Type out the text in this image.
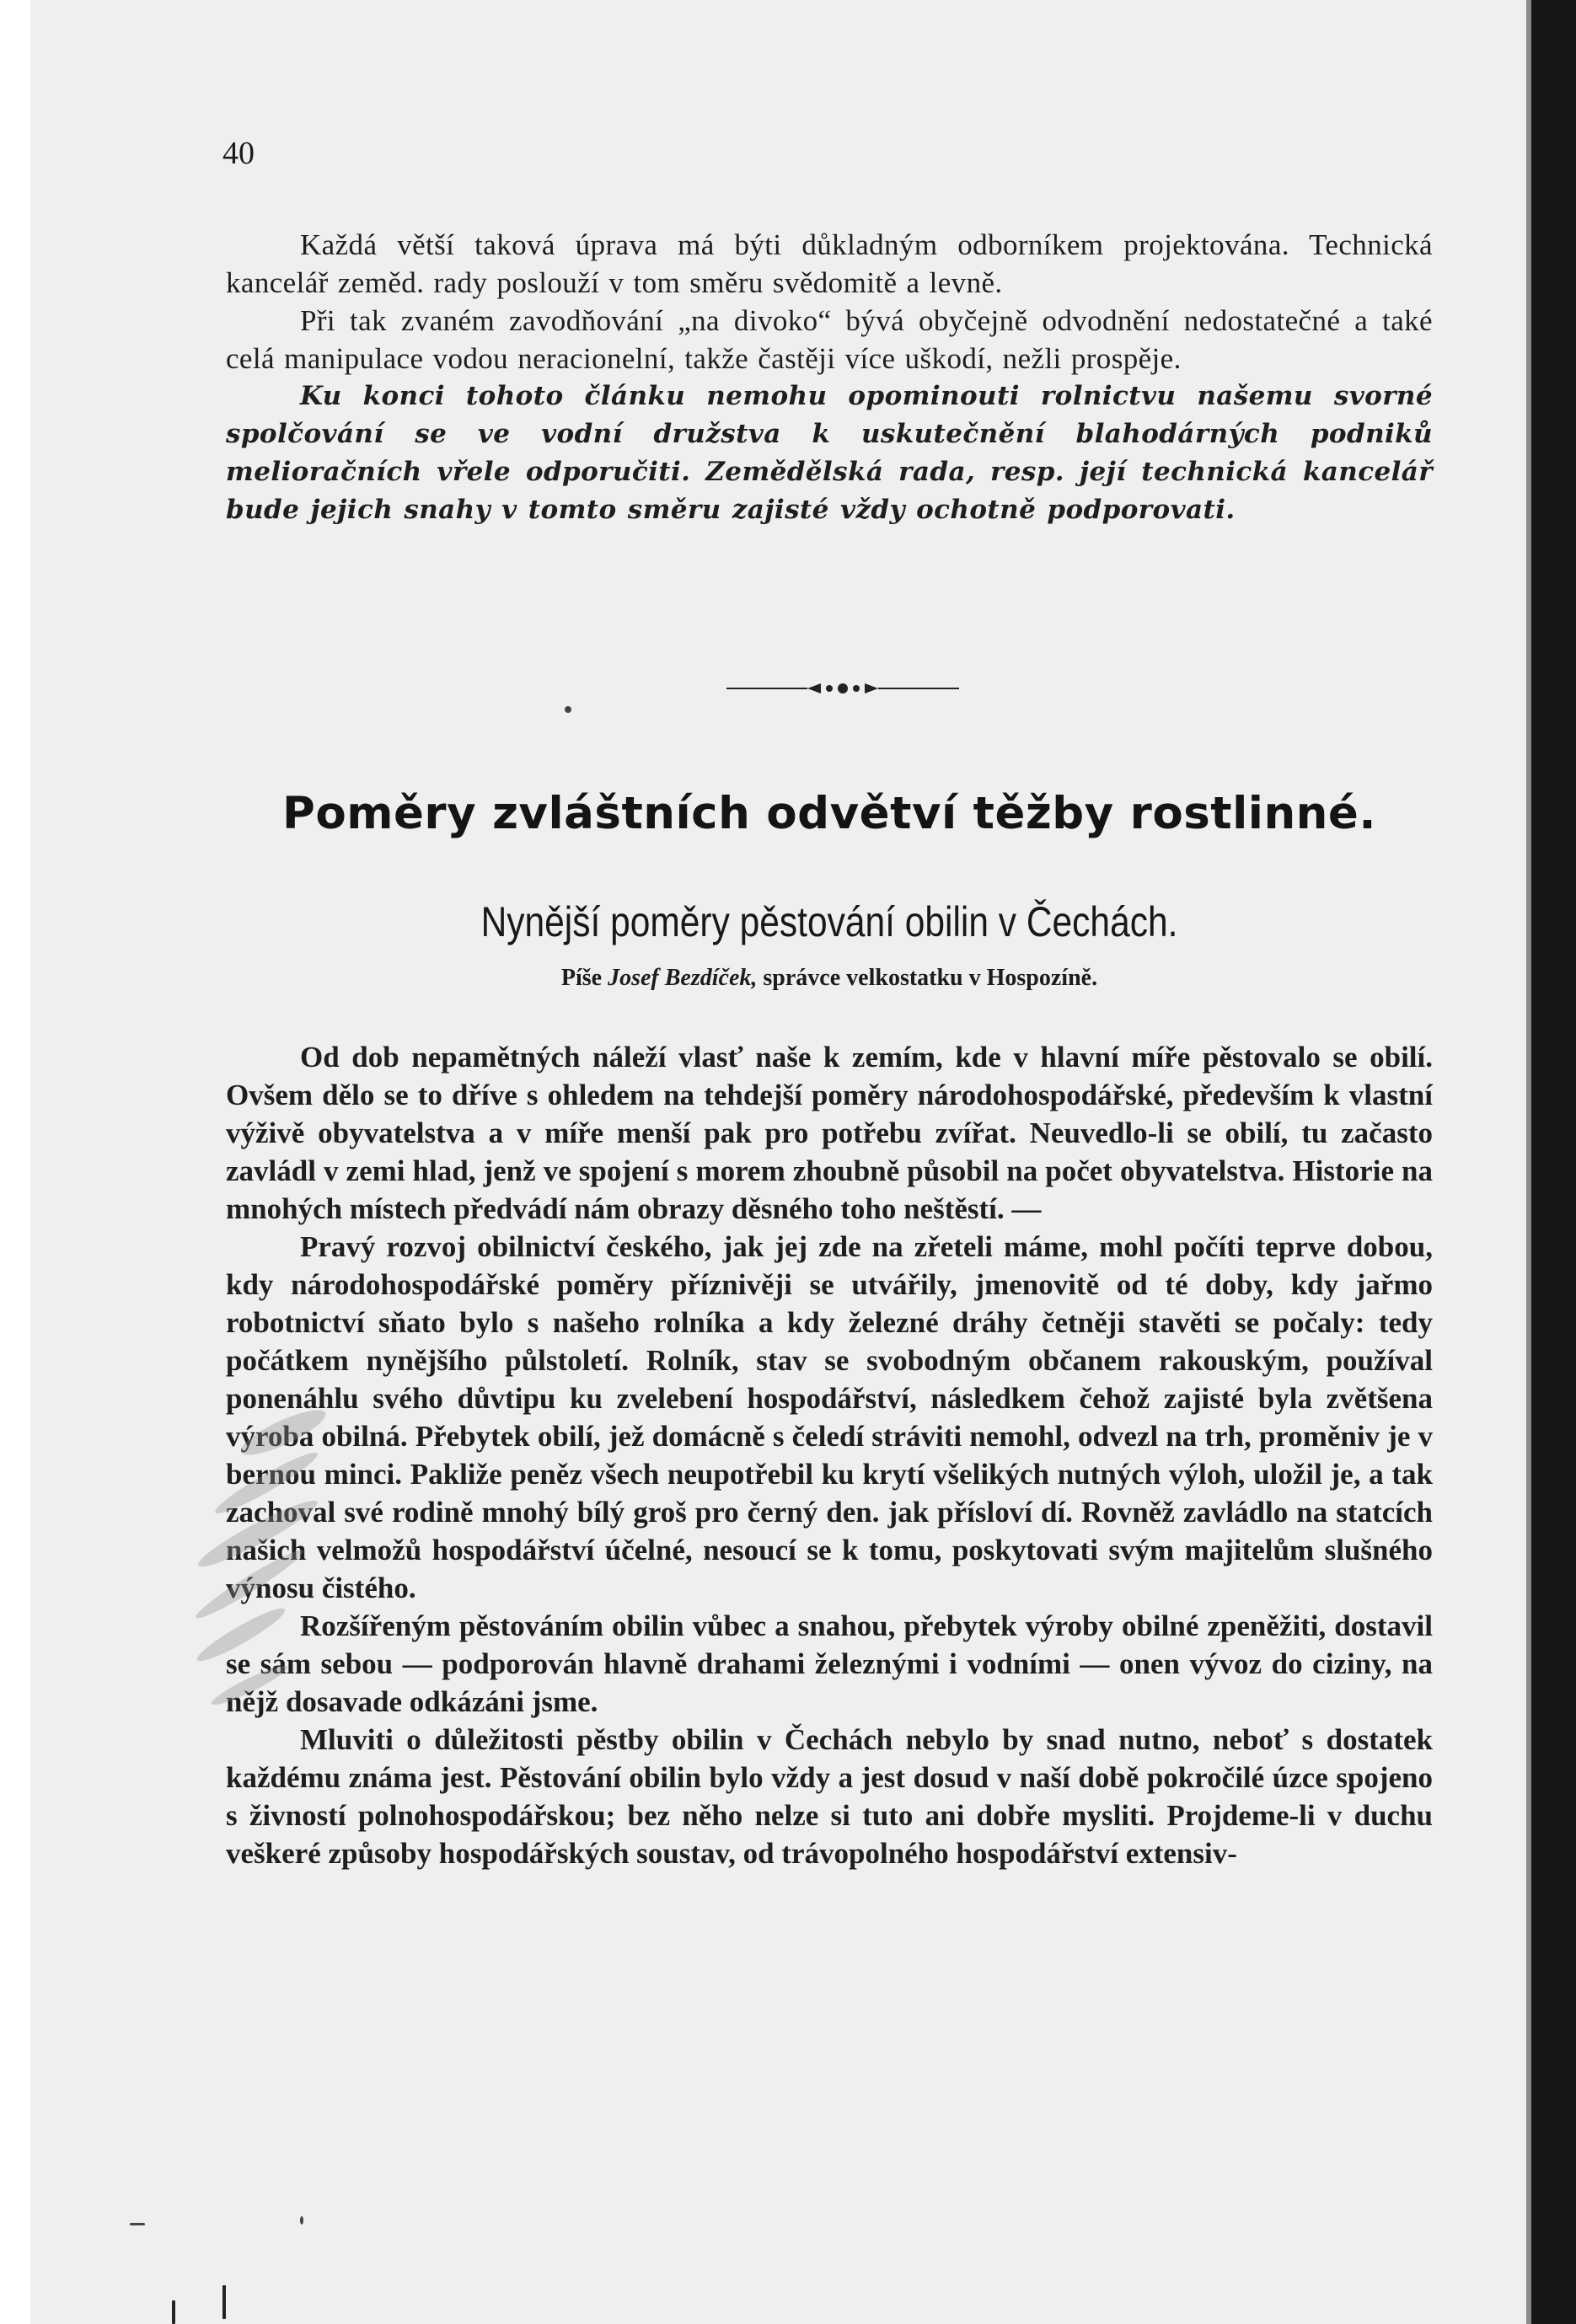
40

Každá větší taková úprava má býti důkladným odborníkem projektována. Technická kancelář zeměd. rady poslouží v tom směru svědomitě a levně.

Při tak zvaném zavodňování „na divoko“ bývá obyčejně odvodnění nedostatečné a také celá manipulace vodou neracionelní, takže častěji více uškodí, nežli prospěje.

Ku konci tohoto článku nemohu opominouti rolnictvu našemu svorné spolčování se ve vodní družstva k uskutečnění blahodárných podniků melioračních vřele odporučiti. Zemědělská rada, resp. její technická kancelář bude jejich snahy v tomto směru zajisté vždy ochotně podporovati.

Poměry zvláštních odvětví těžby rostlinné.
Nynější poměry pěstování obilin v Čechách.
Píše Josef Bezdíček, správce velkostatku v Hospozíně.

Od dob nepamětných náleží vlasť naše k zemím, kde v hlavní míře pěstovalo se obilí. Ovšem dělo se to dříve s ohledem na tehdejší poměry národohospodářské, především k vlastní výživě obyvatelstva a v míře menší pak pro potřebu zvířat. Neuvedlo-li se obilí, tu začasto zavládl v zemi hlad, jenž ve spojení s morem zhoubně působil na počet obyvatelstva. Historie na mnohých místech předvádí nám obrazy děsného toho neštěstí. —

Pravý rozvoj obilnictví českého, jak jej zde na zřeteli máme, mohl počíti teprve dobou, kdy národohospodářské poměry příznivěji se utvářily, jmenovitě od té doby, kdy jařmo robotnictví sňato bylo s našeho rolníka a kdy železné dráhy četněji stavěti se počaly: tedy počátkem nynějšího půlstoletí. Rolník, stav se svobodným občanem rakouským, používal ponenáhlu svého důvtipu ku zvelebení hospodářství, následkem čehož zajisté byla zvětšena výroba obilná. Přebytek obilí, jež domácně s čeledí stráviti nemohl, odvezl na trh, proměniv je v bernou minci. Pakliže peněz všech neupotřebil ku krytí všelikých nutných výloh, uložil je, a tak zachoval své rodině mnohý bílý groš pro černý den. jak přísloví dí. Rovněž zavládlo na statcích našich velmožů hospodářství účelné, nesoucí se k tomu, poskytovati svým majitelům slušného výnosu čistého.

Rozšířeným pěstováním obilin vůbec a snahou, přebytek výroby obilné zpeněžiti, dostavil se sám sebou — podporován hlavně drahami železnými i vodními — onen vývoz do ciziny, na nějž dosavade odkázáni jsme.

Mluviti o důležitosti pěstby obilin v Čechách nebylo by snad nutno, neboť s dostatek každému známa jest. Pěstování obilin bylo vždy a jest dosud v naší době pokročilé úzce spojeno s živností polnohospodářskou; bez něho nelze si tuto ani dobře mysliti. Projdeme-li v duchu veškeré způsoby hospodářských soustav, od trávopolného hospodářství extensiv-
